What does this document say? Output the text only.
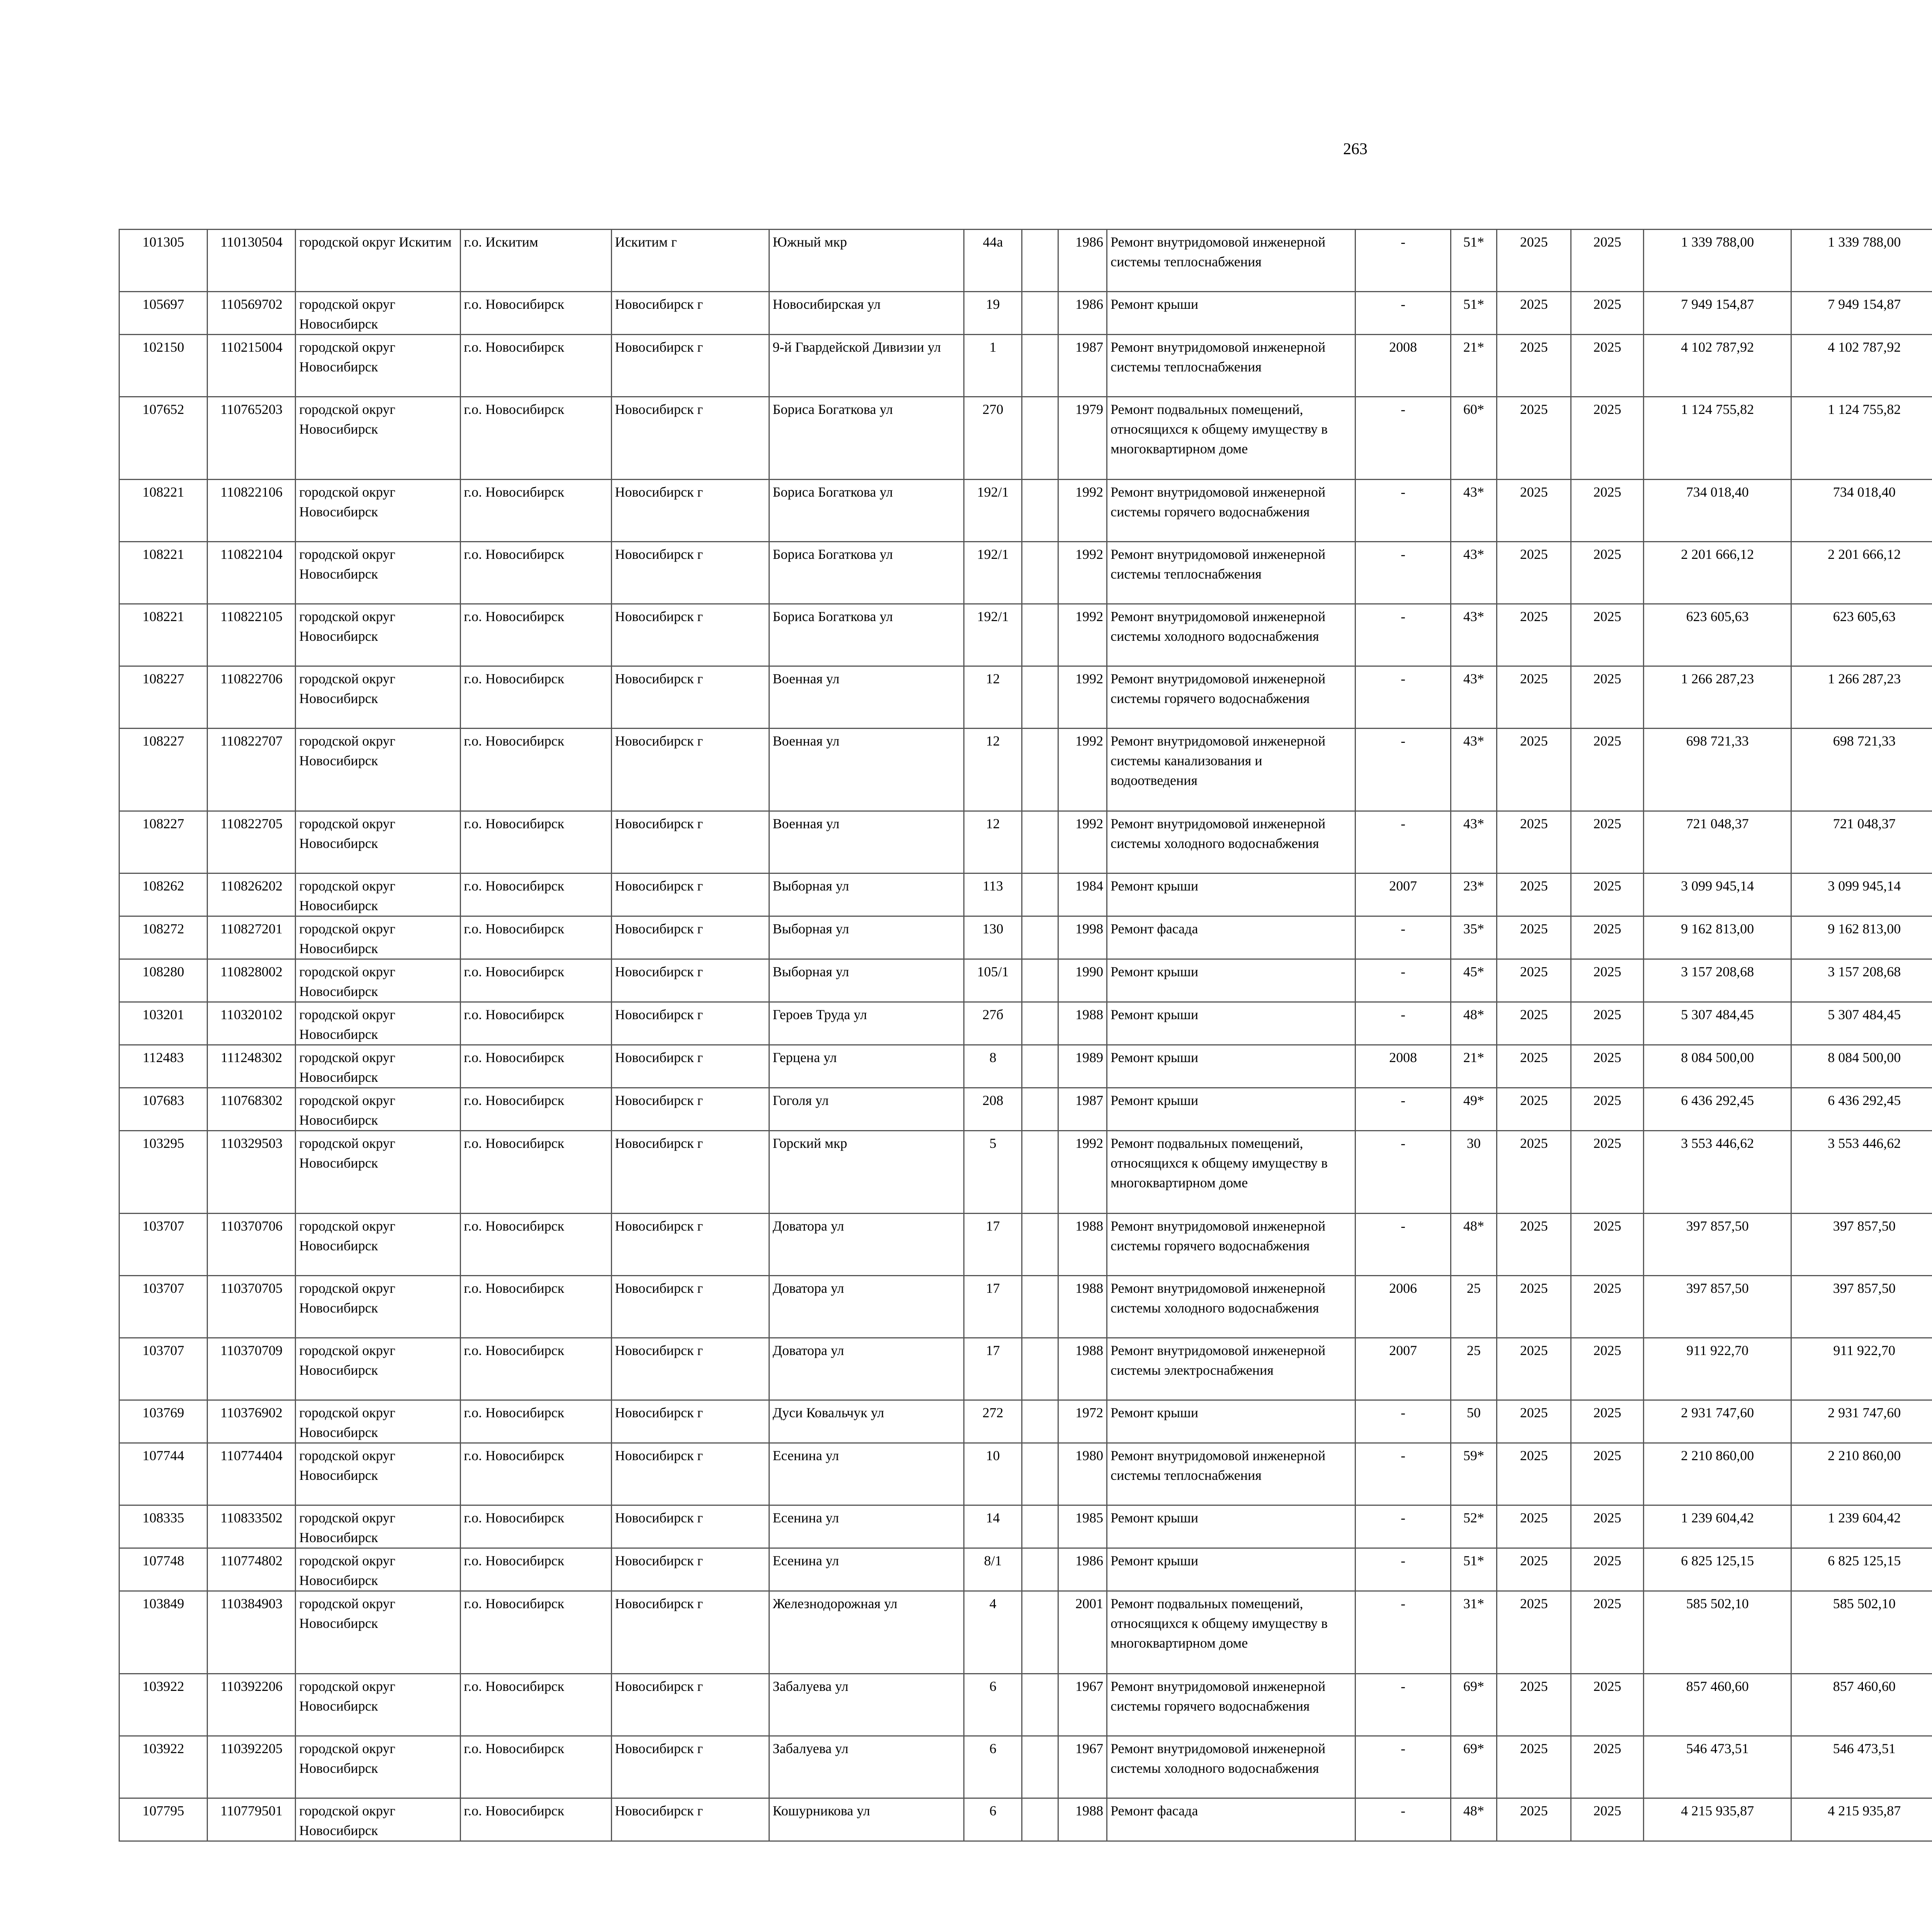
263
101305	110130504	городской округ Искитим	г.о. Искитим	Искитим г	Южный мкр	44а		1986	Ремонт внутридомовой инженерной системы теплоснабжения	-	51*	2025	2025	1 339 788,00	1 339 788,00						
105697	110569702	городской округ Новосибирск	г.о. Новосибирск	Новосибирск г	Новосибирская ул	19		1986	Ремонт крыши	-	51*	2025	2025	7 949 154,87	7 949 154,87						
102150	110215004	городской округ Новосибирск	г.о. Новосибирск	Новосибирск г	9-й Гвардейской Дивизии ул	1		1987	Ремонт внутридомовой инженерной системы теплоснабжения	2008	21*	2025	2025	4 102 787,92	4 102 787,92						
107652	110765203	городской округ Новосибирск	г.о. Новосибирск	Новосибирск г	Бориса Богаткова ул	270		1979	Ремонт подвальных помещений, относящихся к общему имуществу в многоквартирном доме	-	60*	2025	2025	1 124 755,82	1 124 755,82						
108221	110822106	городской округ Новосибирск	г.о. Новосибирск	Новосибирск г	Бориса Богаткова ул	192/1		1992	Ремонт внутридомовой инженерной системы горячего водоснабжения	-	43*	2025	2025	734 018,40	734 018,40						
108221	110822104	городской округ Новосибирск	г.о. Новосибирск	Новосибирск г	Бориса Богаткова ул	192/1		1992	Ремонт внутридомовой инженерной системы теплоснабжения	-	43*	2025	2025	2 201 666,12	2 201 666,12						
108221	110822105	городской округ Новосибирск	г.о. Новосибирск	Новосибирск г	Бориса Богаткова ул	192/1		1992	Ремонт внутридомовой инженерной системы холодного водоснабжения	-	43*	2025	2025	623 605,63	623 605,63						
108227	110822706	городской округ Новосибирск	г.о. Новосибирск	Новосибирск г	Военная ул	12		1992	Ремонт внутридомовой инженерной системы горячего водоснабжения	-	43*	2025	2025	1 266 287,23	1 266 287,23						
108227	110822707	городской округ Новосибирск	г.о. Новосибирск	Новосибирск г	Военная ул	12		1992	Ремонт внутридомовой инженерной системы канализования и водоотведения	-	43*	2025	2025	698 721,33	698 721,33						
108227	110822705	городской округ Новосибирск	г.о. Новосибирск	Новосибирск г	Военная ул	12		1992	Ремонт внутридомовой инженерной системы холодного водоснабжения	-	43*	2025	2025	721 048,37	721 048,37						
108262	110826202	городской округ Новосибирск	г.о. Новосибирск	Новосибирск г	Выборная ул	113		1984	Ремонт крыши	2007	23*	2025	2025	3 099 945,14	3 099 945,14						
108272	110827201	городской округ Новосибирск	г.о. Новосибирск	Новосибирск г	Выборная ул	130		1998	Ремонт фасада	-	35*	2025	2025	9 162 813,00	9 162 813,00						
108280	110828002	городской округ Новосибирск	г.о. Новосибирск	Новосибирск г	Выборная ул	105/1		1990	Ремонт крыши	-	45*	2025	2025	3 157 208,68	3 157 208,68						
103201	110320102	городской округ Новосибирск	г.о. Новосибирск	Новосибирск г	Героев Труда ул	27б		1988	Ремонт крыши	-	48*	2025	2025	5 307 484,45	5 307 484,45						
112483	111248302	городской округ Новосибирск	г.о. Новосибирск	Новосибирск г	Герцена ул	8		1989	Ремонт крыши	2008	21*	2025	2025	8 084 500,00	8 084 500,00						
107683	110768302	городской округ Новосибирск	г.о. Новосибирск	Новосибирск г	Гоголя ул	208		1987	Ремонт крыши	-	49*	2025	2025	6 436 292,45	6 436 292,45						
103295	110329503	городской округ Новосибирск	г.о. Новосибирск	Новосибирск г	Горский мкр	5		1992	Ремонт подвальных помещений, относящихся к общему имуществу в многоквартирном доме	-	30	2025	2025	3 553 446,62	3 553 446,62						
103707	110370706	городской округ Новосибирск	г.о. Новосибирск	Новосибирск г	Доватора ул	17		1988	Ремонт внутридомовой инженерной системы горячего водоснабжения	-	48*	2025	2025	397 857,50	397 857,50						
103707	110370705	городской округ Новосибирск	г.о. Новосибирск	Новосибирск г	Доватора ул	17		1988	Ремонт внутридомовой инженерной системы холодного водоснабжения	2006	25	2025	2025	397 857,50	397 857,50						
103707	110370709	городской округ Новосибирск	г.о. Новосибирск	Новосибирск г	Доватора ул	17		1988	Ремонт внутридомовой инженерной системы электроснабжения	2007	25	2025	2025	911 922,70	911 922,70						
103769	110376902	городской округ Новосибирск	г.о. Новосибирск	Новосибирск г	Дуси Ковальчук ул	272		1972	Ремонт крыши	-	50	2025	2025	2 931 747,60	2 931 747,60						
107744	110774404	городской округ Новосибирск	г.о. Новосибирск	Новосибирск г	Есенина ул	10		1980	Ремонт внутридомовой инженерной системы теплоснабжения	-	59*	2025	2025	2 210 860,00	2 210 860,00						
108335	110833502	городской округ Новосибирск	г.о. Новосибирск	Новосибирск г	Есенина ул	14		1985	Ремонт крыши	-	52*	2025	2025	1 239 604,42	1 239 604,42						
107748	110774802	городской округ Новосибирск	г.о. Новосибирск	Новосибирск г	Есенина ул	8/1		1986	Ремонт крыши	-	51*	2025	2025	6 825 125,15	6 825 125,15						
103849	110384903	городской округ Новосибирск	г.о. Новосибирск	Новосибирск г	Железнодорожная ул	4		2001	Ремонт подвальных помещений, относящихся к общему имуществу в многоквартирном доме	-	31*	2025	2025	585 502,10	585 502,10						
103922	110392206	городской округ Новосибирск	г.о. Новосибирск	Новосибирск г	Забалуева ул	6		1967	Ремонт внутридомовой инженерной системы горячего водоснабжения	-	69*	2025	2025	857 460,60	857 460,60						
103922	110392205	городской округ Новосибирск	г.о. Новосибирск	Новосибирск г	Забалуева ул	6		1967	Ремонт внутридомовой инженерной системы холодного водоснабжения	-	69*	2025	2025	546 473,51	546 473,51						
107795	110779501	городской округ Новосибирск	г.о. Новосибирск	Новосибирск г	Кошурникова ул	6		1988	Ремонт фасада	-	48*	2025	2025	4 215 935,87	4 215 935,87						
